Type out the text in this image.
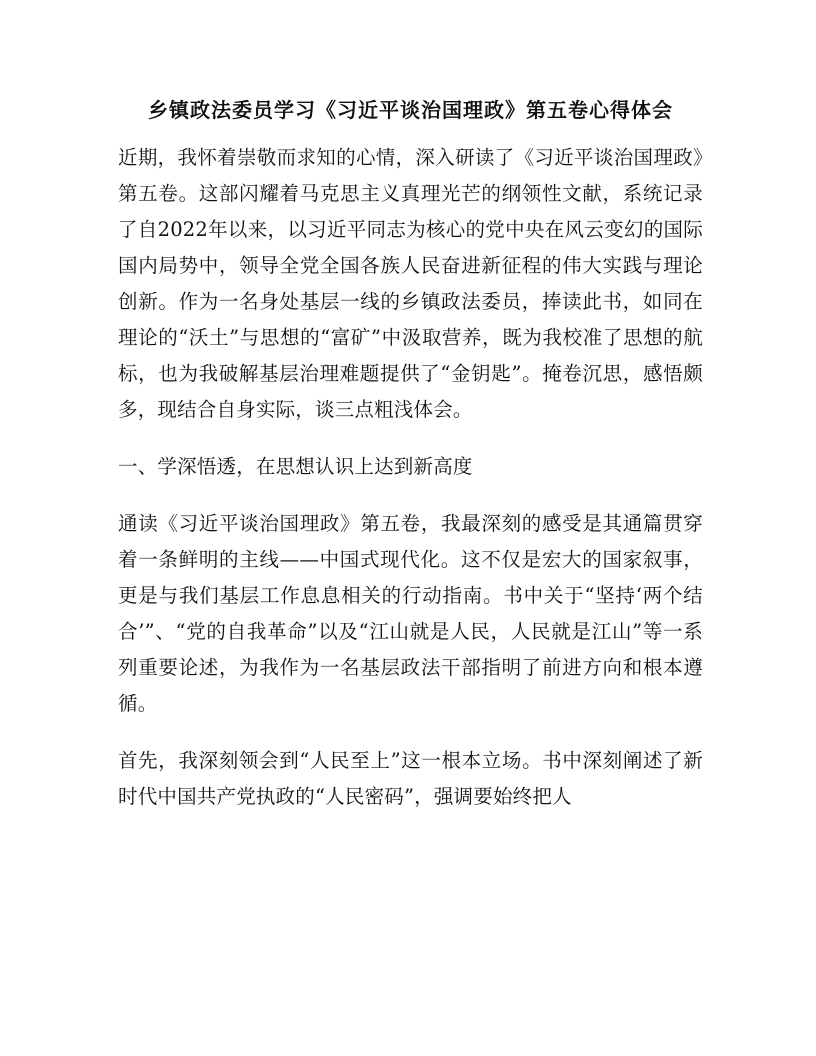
乡镇政法委员学习《习近平谈治国理政》第五卷心得体会

近期，我怀着崇敬而求知的心情，深入研读了《习近平谈治国理政》第五卷。这部闪耀着马克思主义真理光芒的纲领性文献，系统记录了自2022年以来，以习近平同志为核心的党中央在风云变幻的国际国内局势中，领导全党全国各族人民奋进新征程的伟大实践与理论创新。作为一名身处基层一线的乡镇政法委员，捧读此书，如同在理论的“沃土”与思想的“富矿”中汲取营养，既为我校准了思想的航标，也为我破解基层治理难题提供了“金钥匙”。掩卷沉思，感悟颇多，现结合自身实际，谈三点粗浅体会。

一、学深悟透，在思想认识上达到新高度

通读《习近平谈治国理政》第五卷，我最深刻的感受是其通篇贯穿着一条鲜明的主线——中国式现代化。这不仅是宏大的国家叙事，更是与我们基层工作息息相关的行动指南。书中关于“坚持‘两个结合’”、“党的自我革命”以及“江山就是人民，人民就是江山”等一系列重要论述，为我作为一名基层政法干部指明了前进方向和根本遵循。

首先，我深刻领会到“人民至上”这一根本立场。书中深刻阐述了新时代中国共产党执政的“人民密码”，强调要始终把人
